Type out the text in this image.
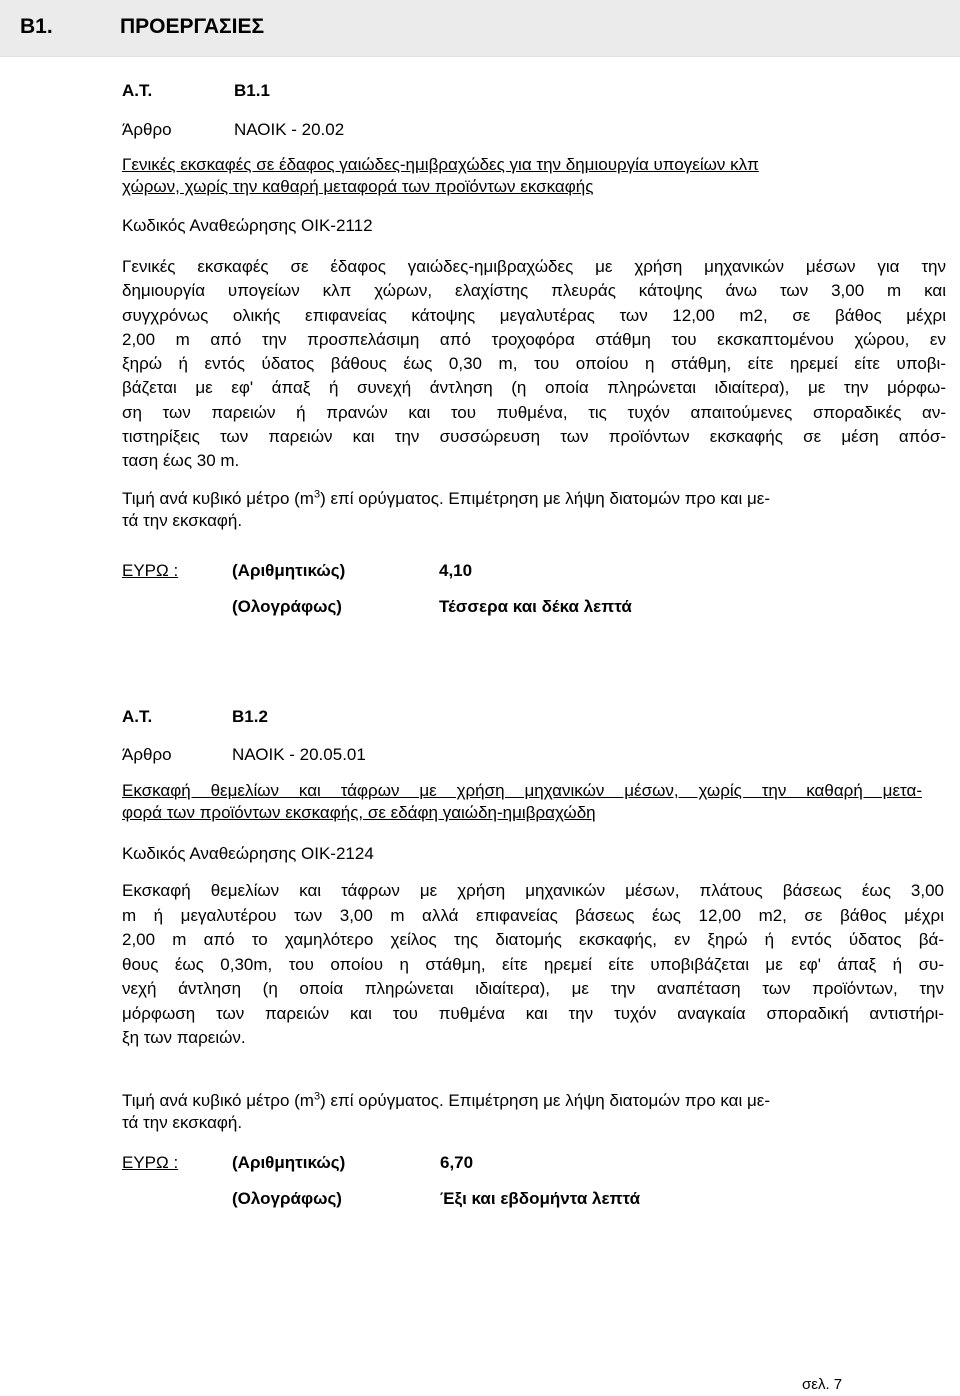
B1.	ΠΡΟΕΡΓΑΣΙΕΣ
Α.Τ.	Β1.1
Άρθρο	ΝΑΟΙΚ - 20.02
Γενικές εκσκαφές σε έδαφος γαιώδες-ημιβραχώδες για την δημιουργία υπογείων κλπ
χώρων, χωρίς την καθαρή μεταφορά των προϊόντων εκσκαφής
Κωδικός Αναθεώρησης ΟΙΚ-2112
Γενικές εκσκαφές σε έδαφος γαιώδες-ημιβραχώδες με χρήση μηχανικών μέσων για την
δημιουργία υπογείων κλπ χώρων, ελαχίστης πλευράς κάτοψης άνω των 3,00 m και
συγχρόνως ολικής επιφανείας κάτοψης μεγαλυτέρας των 12,00 m2, σε βάθος μέχρι
2,00 m από την προσπελάσιμη από τροχοφόρα στάθμη του εκσκαπτομένου χώρου, εν
ξηρώ ή εντός ύδατος βάθους έως 0,30 m, του οποίου η στάθμη, είτε ηρεμεί είτε υποβι-
βάζεται με εφ' άπαξ ή συνεχή άντληση (η οποία πληρώνεται ιδιαίτερα), με την μόρφω-
ση των παρειών ή πρανών και του πυθμένα, τις τυχόν απαιτούμενες σποραδικές αν-
τιστηρίξεις των παρειών και την συσσώρευση των προϊόντων εκσκαφής σε μέση απόσ-
ταση έως 30 m.
Τιμή ανά κυβικό μέτρο $(m^3)$ επί ορύγματος. Επιμέτρηση με λήψη διατομών προ και με-
τά την εκσκαφή.
ΕΥΡΩ :	(Αριθμητικώς)	4,10
(Ολογράφως)	Τέσσερα και δέκα λεπτά
Α.Τ.	Β1.2
Άρθρο	ΝΑΟΙΚ - 20.05.01
Εκσκαφή θεμελίων και τάφρων με χρήση μηχανικών μέσων, χωρίς την καθαρή μετα-
φορά των προϊόντων εκσκαφής, σε εδάφη γαιώδη-ημιβραχώδη
Κωδικός Αναθεώρησης ΟΙΚ-2124
Εκσκαφή θεμελίων και τάφρων με χρήση μηχανικών μέσων, πλάτους βάσεως έως 3,00
m ή μεγαλυτέρου των 3,00 m αλλά επιφανείας βάσεως έως 12,00 m2, σε βάθος μέχρι
2,00 m από το χαμηλότερο χείλος της διατομής εκσκαφής, εν ξηρώ ή εντός ύδατος βά-
θους έως 0,30m, του οποίου η στάθμη, είτε ηρεμεί είτε υποβιβάζεται με εφ' άπαξ ή συ-
νεχή άντληση (η οποία πληρώνεται ιδιαίτερα), με την αναπέταση των προϊόντων, την
μόρφωση των παρειών και του πυθμένα και την τυχόν αναγκαία σποραδική αντιστήρι-
ξη των παρειών.
Τιμή ανά κυβικό μέτρο $(m^3)$ επί ορύγματος. Επιμέτρηση με λήψη διατομών προ και με-
τά την εκσκαφή.
ΕΥΡΩ :	(Αριθμητικώς)	6,70
(Ολογράφως)	Έξι και εβδομήντα λεπτά
σελ. 7
